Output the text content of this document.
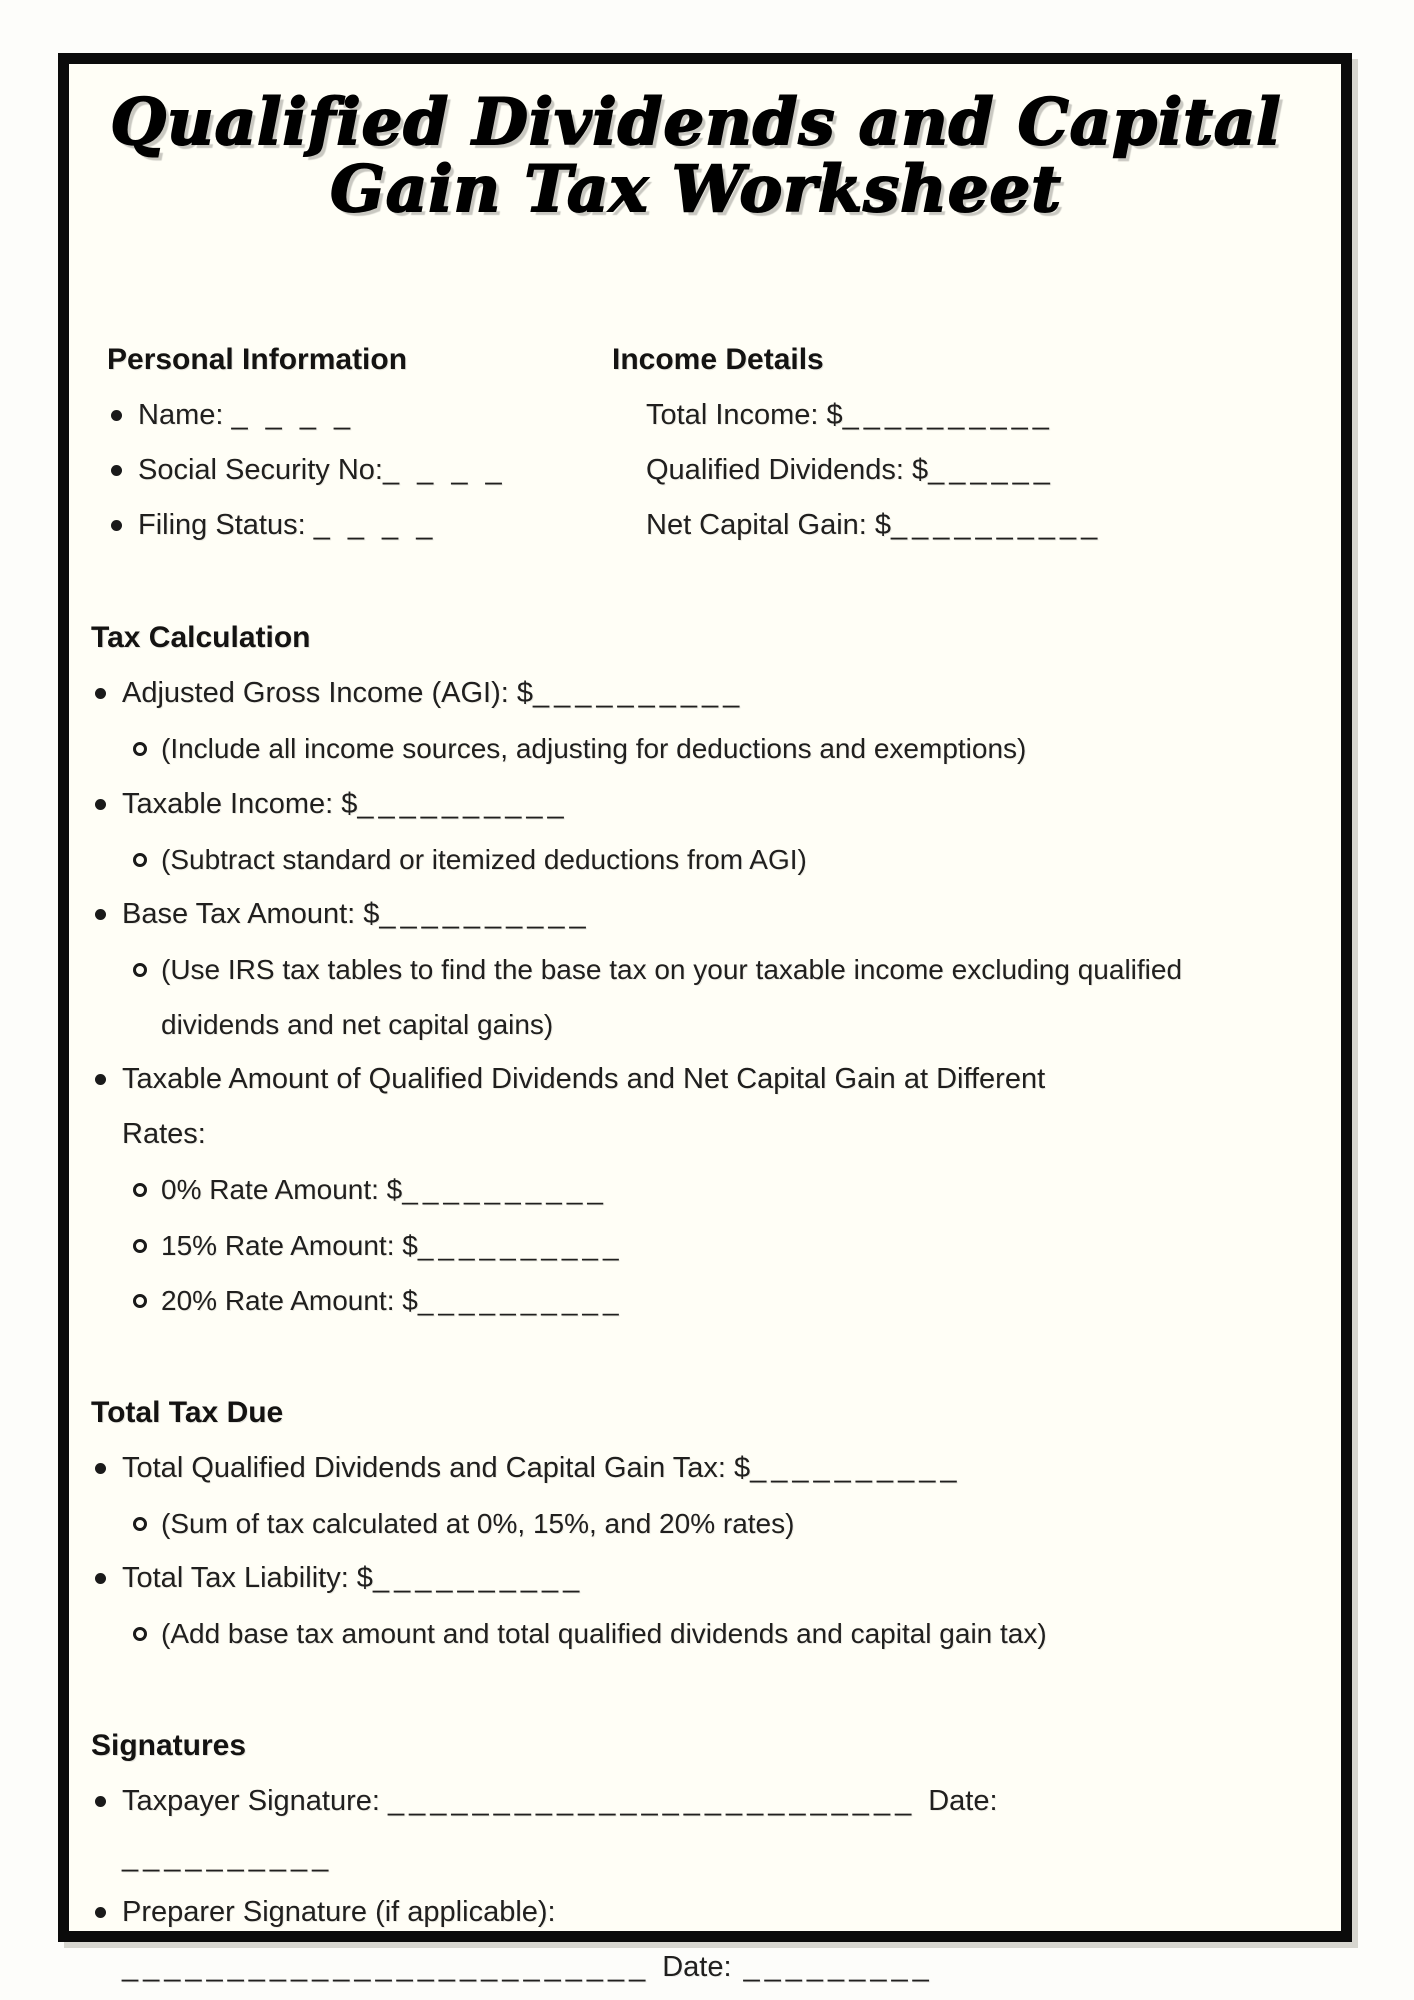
Qualified Dividends and Capital
Gain Tax Worksheet
Personal Information

Name: _ _ _ _

Social Security No:_ _ _ _

Filing Status: _ _ _ _

Income Details

Total Income: $__________

Qualified Dividends: $______

Net Capital Gain: $__________

Tax Calculation

Adjusted Gross Income (AGI): $__________

(Include all income sources, adjusting for deductions and exemptions)

Taxable Income: $__________

(Subtract standard or itemized deductions from AGI)

Base Tax Amount: $__________

(Use IRS tax tables to find the base tax on your taxable income excluding qualified dividends and net capital gains)

Taxable Amount of Qualified Dividends and Net Capital Gain at Different Rates:

0% Rate Amount: $__________

15% Rate Amount: $__________

20% Rate Amount: $__________

Total Tax Due

Total Qualified Dividends and Capital Gain Tax: $__________

(Sum of tax calculated at 0%, 15%, and 20% rates)

Total Tax Liability: $__________

(Add base tax amount and total qualified dividends and capital gain tax)

Signatures

Taxpayer Signature: _________________________ Date:
__________

Preparer Signature (if applicable):
_________________________ Date: _________
